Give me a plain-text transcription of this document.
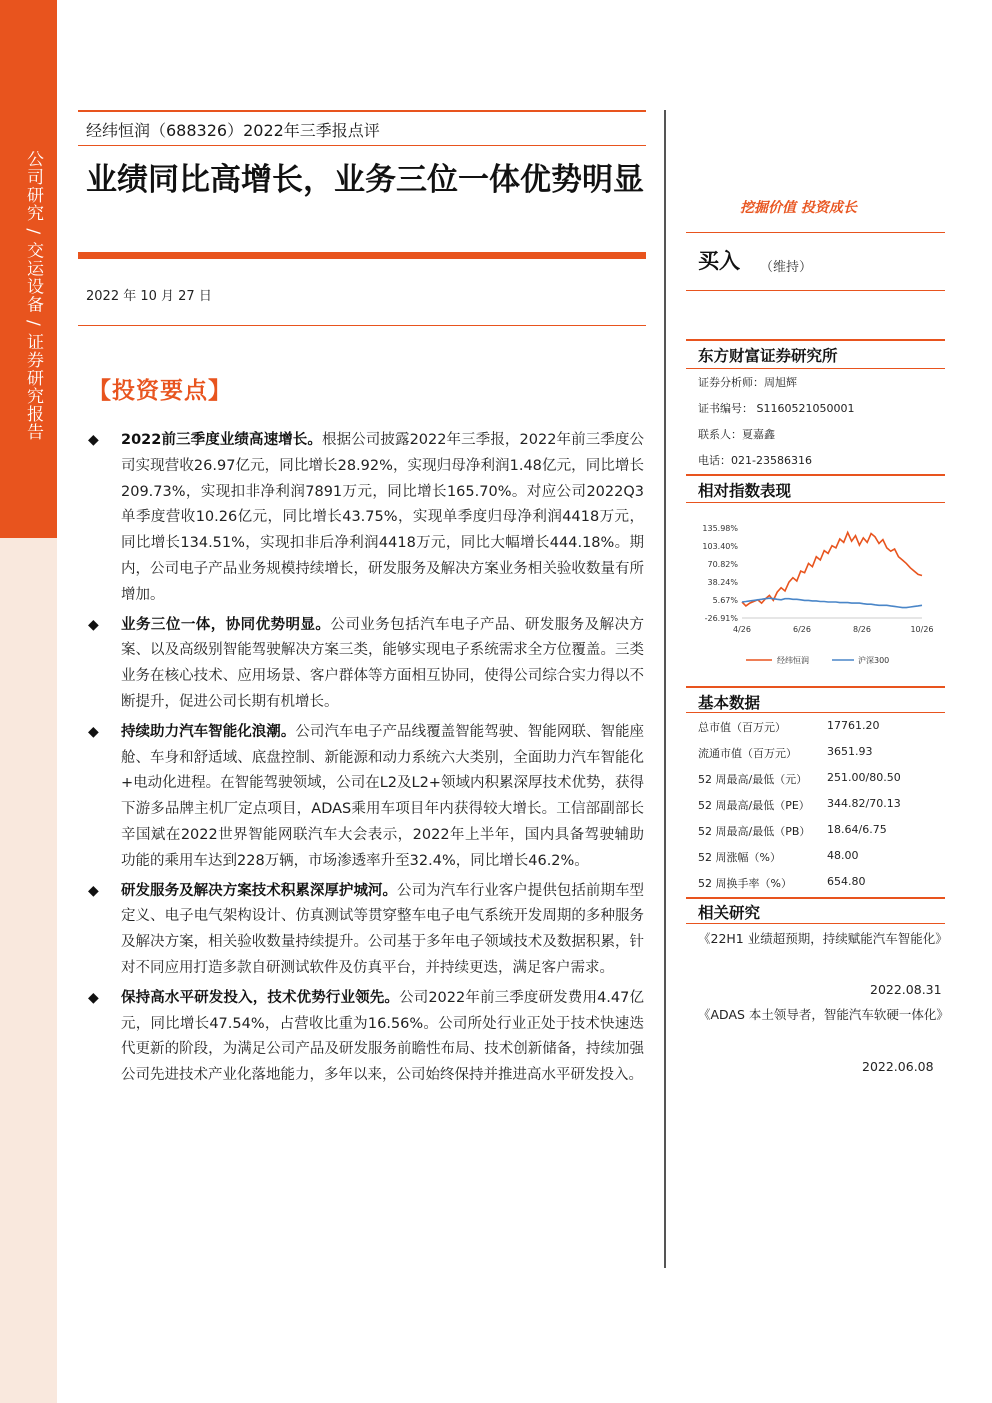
公司研究 / 交运设备 / 证券研究报告
经纬恒润（688326）2022年三季报点评
业绩同比高增长，业务三位一体优势明显
2022 年 10 月 27 日
【投资要点】
◆ 2022前三季度业绩高速增长。根据公司披露2022年三季报，2022年前三季度公司实现营收26.97亿元，同比增长28.92%，实现归母净利润1.48亿元，同比增长209.73%，实现扣非净利润7891万元，同比增长165.70%。对应公司2022Q3单季度营收10.26亿元，同比增长43.75%，实现单季度归母净利润4418万元，同比增长134.51%，实现扣非后净利润4418万元，同比大幅增长444.18%。期内，公司电子产品业务规模持续增长，研发服务及解决方案业务相关验收数量有所增加。
◆ 业务三位一体，协同优势明显。公司业务包括汽车电子产品、研发服务及解决方案、以及高级别智能驾驶解决方案三类，能够实现电子系统需求全方位覆盖。三类业务在核心技术、应用场景、客户群体等方面相互协同，使得公司综合实力得以不断提升，促进公司长期有机增长。
◆ 持续助力汽车智能化浪潮。公司汽车电子产品线覆盖智能驾驶、智能网联、智能座舱、车身和舒适域、底盘控制、新能源和动力系统六大类别，全面助力汽车智能化+电动化进程。在智能驾驶领域，公司在L2及L2+领域内积累深厚技术优势，获得下游多品牌主机厂定点项目，ADAS乘用车项目年内获得较大增长。工信部副部长辛国斌在2022世界智能网联汽车大会表示，2022年上半年，国内具备驾驶辅助功能的乘用车达到228万辆，市场渗透率升至32.4%，同比增长46.2%。
◆ 研发服务及解决方案技术积累深厚护城河。公司为汽车行业客户提供包括前期车型定义、电子电气架构设计、仿真测试等贯穿整车电子电气系统开发周期的多种服务及解决方案，相关验收数量持续提升。公司基于多年电子领域技术及数据积累，针对不同应用打造多款自研测试软件及仿真平台，并持续更迭，满足客户需求。
◆ 保持高水平研发投入，技术优势行业领先。公司2022年前三季度研发费用4.47亿元，同比增长47.54%，占营收比重为16.56%。公司所处行业正处于技术快速迭代更新的阶段，为满足公司产品及研发服务前瞻性布局、技术创新储备，持续加强公司先进技术产业化落地能力，多年以来，公司始终保持并推进高水平研发投入。
挖掘价值 投资成长
买入 （维持）
东方财富证券研究所
证券分析师：周旭辉
证书编号： S1160521050001
联系人：夏嘉鑫
电话：021-23586316
相对指数表现
135.98%
103.40%
70.82%
38.24%
5.67%
-26.91%
4/26	6/26	8/26	10/26
经纬恒润	沪深300
基本数据
总市值（百万元）	17761.20
流通市值（百万元）	3651.93
52 周最高/最低（元） 251.00/80.50
52 周最高/最低（PE） 344.82/70.13
52 周最高/最低（PB） 18.64/6.75
52 周涨幅（%）	48.00
52 周换手率（%）	654.80
相关研究
《22H1 业绩超预期，持续赋能汽车智能化》
2022.08.31
《ADAS 本土领导者，智能汽车软硬一体化》
2022.06.08
